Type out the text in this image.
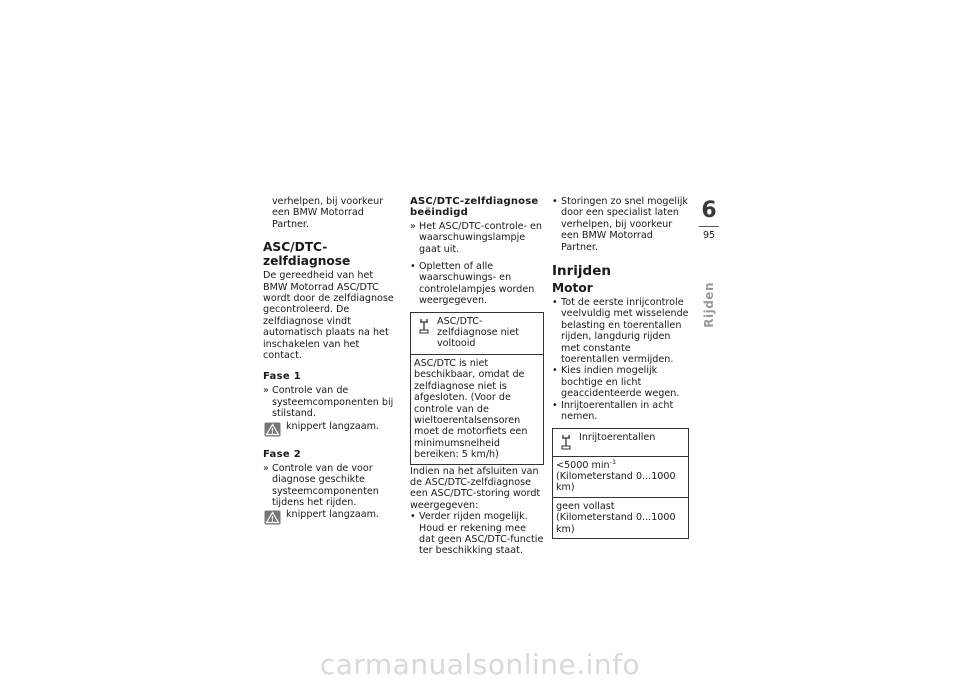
verhelpen, bij voorkeur een BMW Motorrad Partner.

ASC/DTC-zelfdiagnose

De gereedheid van het BMW Motorrad ASC/DTC wordt door de zelfdiagnose gecontroleerd. De zelfdiagnose vindt automatisch plaats na het inschakelen van het contact.

Fase 1
» Controle van de systeemcomponenten bij stilstand.
knippert langzaam.
Fase 2
» Controle van de voor diagnose geschikte systeemcomponenten tijdens het rijden.
knippert langzaam.
ASC/DTC-zelfdiagnose beëindigd
» Het ASC/DTC-controle- en waarschuwingslampje gaat uit.
• Opletten of alle waarschuwings- en controlelampjes worden weergegeven.
ASC/DTC-zelfdiagnose niet voltooid
ASC/DTC is niet beschikbaar, omdat de zelfdiagnose niet is afgesloten. (Voor de controle van de wieltoerentalsensoren moet de motorfiets een minimumsnelheid bereiken: 5 km/h)

Indien na het afsluiten van de ASC/DTC-zelfdiagnose een ASC/DTC-storing wordt weergegeven:

• Verder rijden mogelijk. Houd er rekening mee dat geen ASC/DTC-functie ter beschikking staat.
• Storingen zo snel mogelijk door een specialist laten verhelpen, bij voorkeur een BMW Motorrad Partner.
Inrijden
Motor
• Tot de eerste inrijcontrole veelvuldig met wisselende belasting en toerentallen rijden, langdurig rijden met constante toerentallen vermijden.
• Kies indien mogelijk bochtige en licht geaccidenteerde wegen.
• Inrijtoerentallen in acht nemen.
Inrijtoerentallen
<5000 $\min^{-1}$ (Kilometerstand 0...1000 km)
geen vollast (Kilometerstand 0...1000 km)
6
95
Rijden
carmanualsonline.info
